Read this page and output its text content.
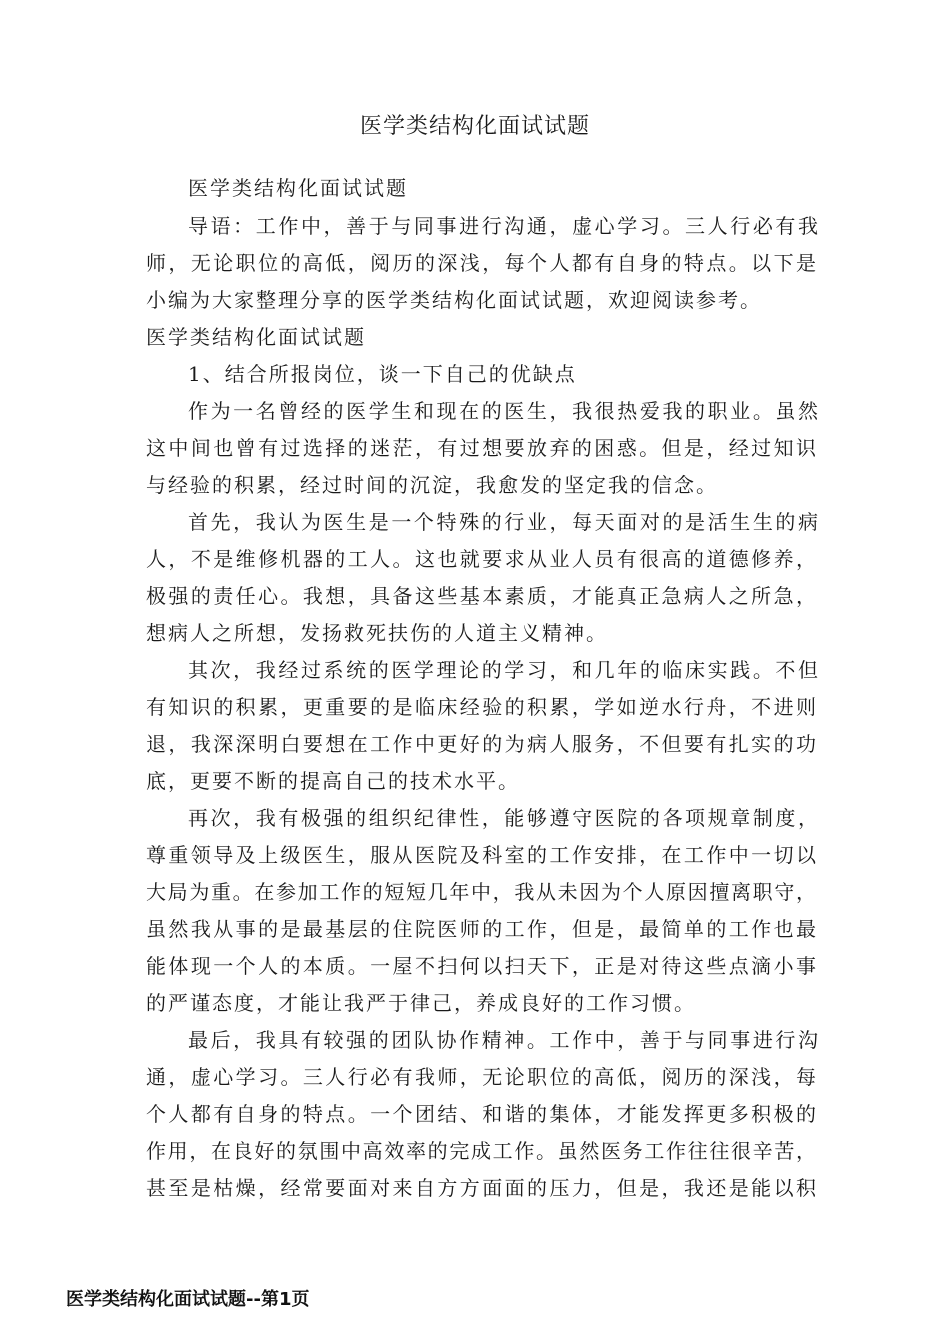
医学类结构化面试试题
医学类结构化面试试题
导语：工作中，善于与同事进行沟通，虚心学习。三人行必有我
师，无论职位的高低，阅历的深浅，每个人都有自身的特点。以下是
小编为大家整理分享的医学类结构化面试试题，欢迎阅读参考。
医学类结构化面试试题
1、结合所报岗位，谈一下自己的优缺点
作为一名曾经的医学生和现在的医生，我很热爱我的职业。虽然
这中间也曾有过选择的迷茫，有过想要放弃的困惑。但是，经过知识
与经验的积累，经过时间的沉淀，我愈发的坚定我的信念。
首先，我认为医生是一个特殊的行业，每天面对的是活生生的病
人，不是维修机器的工人。这也就要求从业人员有很高的道德修养，
极强的责任心。我想，具备这些基本素质，才能真正急病人之所急，
想病人之所想，发扬救死扶伤的人道主义精神。
其次，我经过系统的医学理论的学习，和几年的临床实践。不但
有知识的积累，更重要的是临床经验的积累，学如逆水行舟，不进则
退，我深深明白要想在工作中更好的为病人服务，不但要有扎实的功
底，更要不断的提高自己的技术水平。
再次，我有极强的组织纪律性，能够遵守医院的各项规章制度，
尊重领导及上级医生，服从医院及科室的工作安排，在工作中一切以
大局为重。在参加工作的短短几年中，我从未因为个人原因擅离职守，
虽然我从事的是最基层的住院医师的工作，但是，最简单的工作也最
能体现一个人的本质。一屋不扫何以扫天下，正是对待这些点滴小事
的严谨态度，才能让我严于律己，养成良好的工作习惯。
最后，我具有较强的团队协作精神。工作中，善于与同事进行沟
通，虚心学习。三人行必有我师，无论职位的高低，阅历的深浅，每
个人都有自身的特点。一个团结、和谐的集体，才能发挥更多积极的
作用，在良好的氛围中高效率的完成工作。虽然医务工作往往很辛苦，
甚至是枯燥，经常要面对来自方方面面的压力，但是，我还是能以积
医学类结构化面试试题--第1页
